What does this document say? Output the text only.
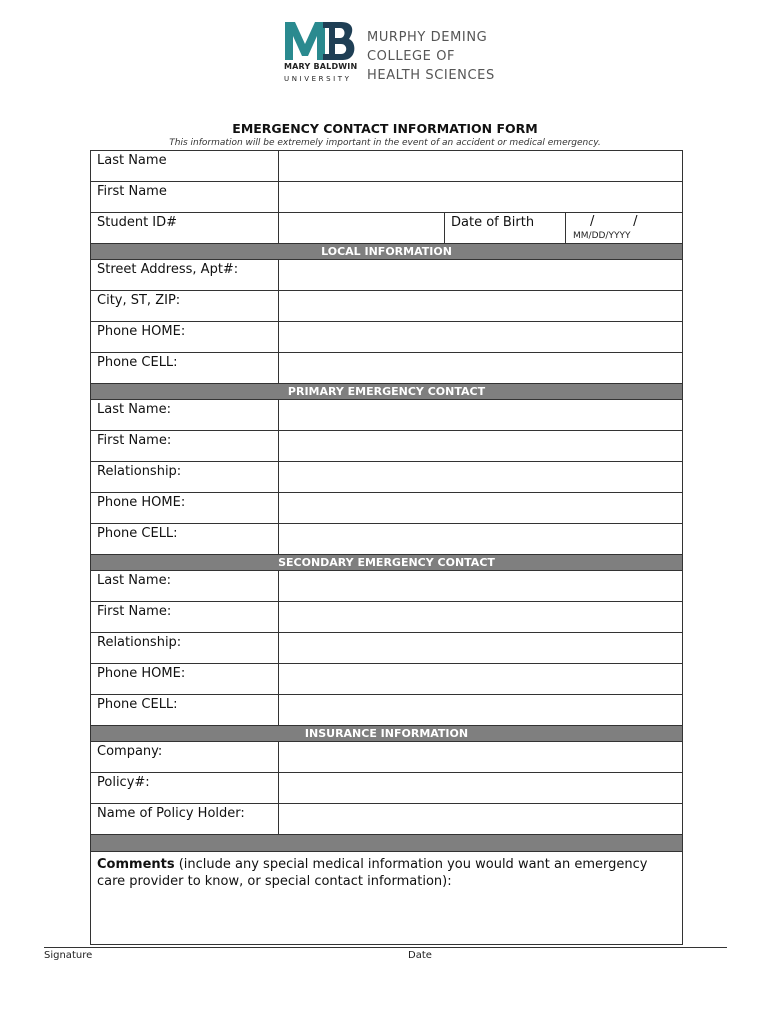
MARY BALDWIN
UNIVERSITY
MURPHY DEMING
COLLEGE OF
HEALTH SCIENCES
EMERGENCY CONTACT INFORMATION FORM
This information will be extremely important in the event of an accident or medical emergency.
Last Name			
First Name			
Student ID#		Date of Birth	/      /
MM/DD/YYYY

LOCAL INFORMATION			
Street Address, Apt#:			
City, ST, ZIP:			
Phone HOME:			
Phone CELL:			
PRIMARY EMERGENCY CONTACT			
Last Name:			
First Name:			
Relationship:			
Phone HOME:			
Phone CELL:			
SECONDARY EMERGENCY CONTACT			
Last Name:			
First Name:			
Relationship:			
Phone HOME:			
Phone CELL:			
INSURANCE INFORMATION			
Company:			
Policy#:			
Name of Policy Holder:			

Comments (include any special medical information you would want an emergency care provider to know, or special contact information):			
Signature	Date
